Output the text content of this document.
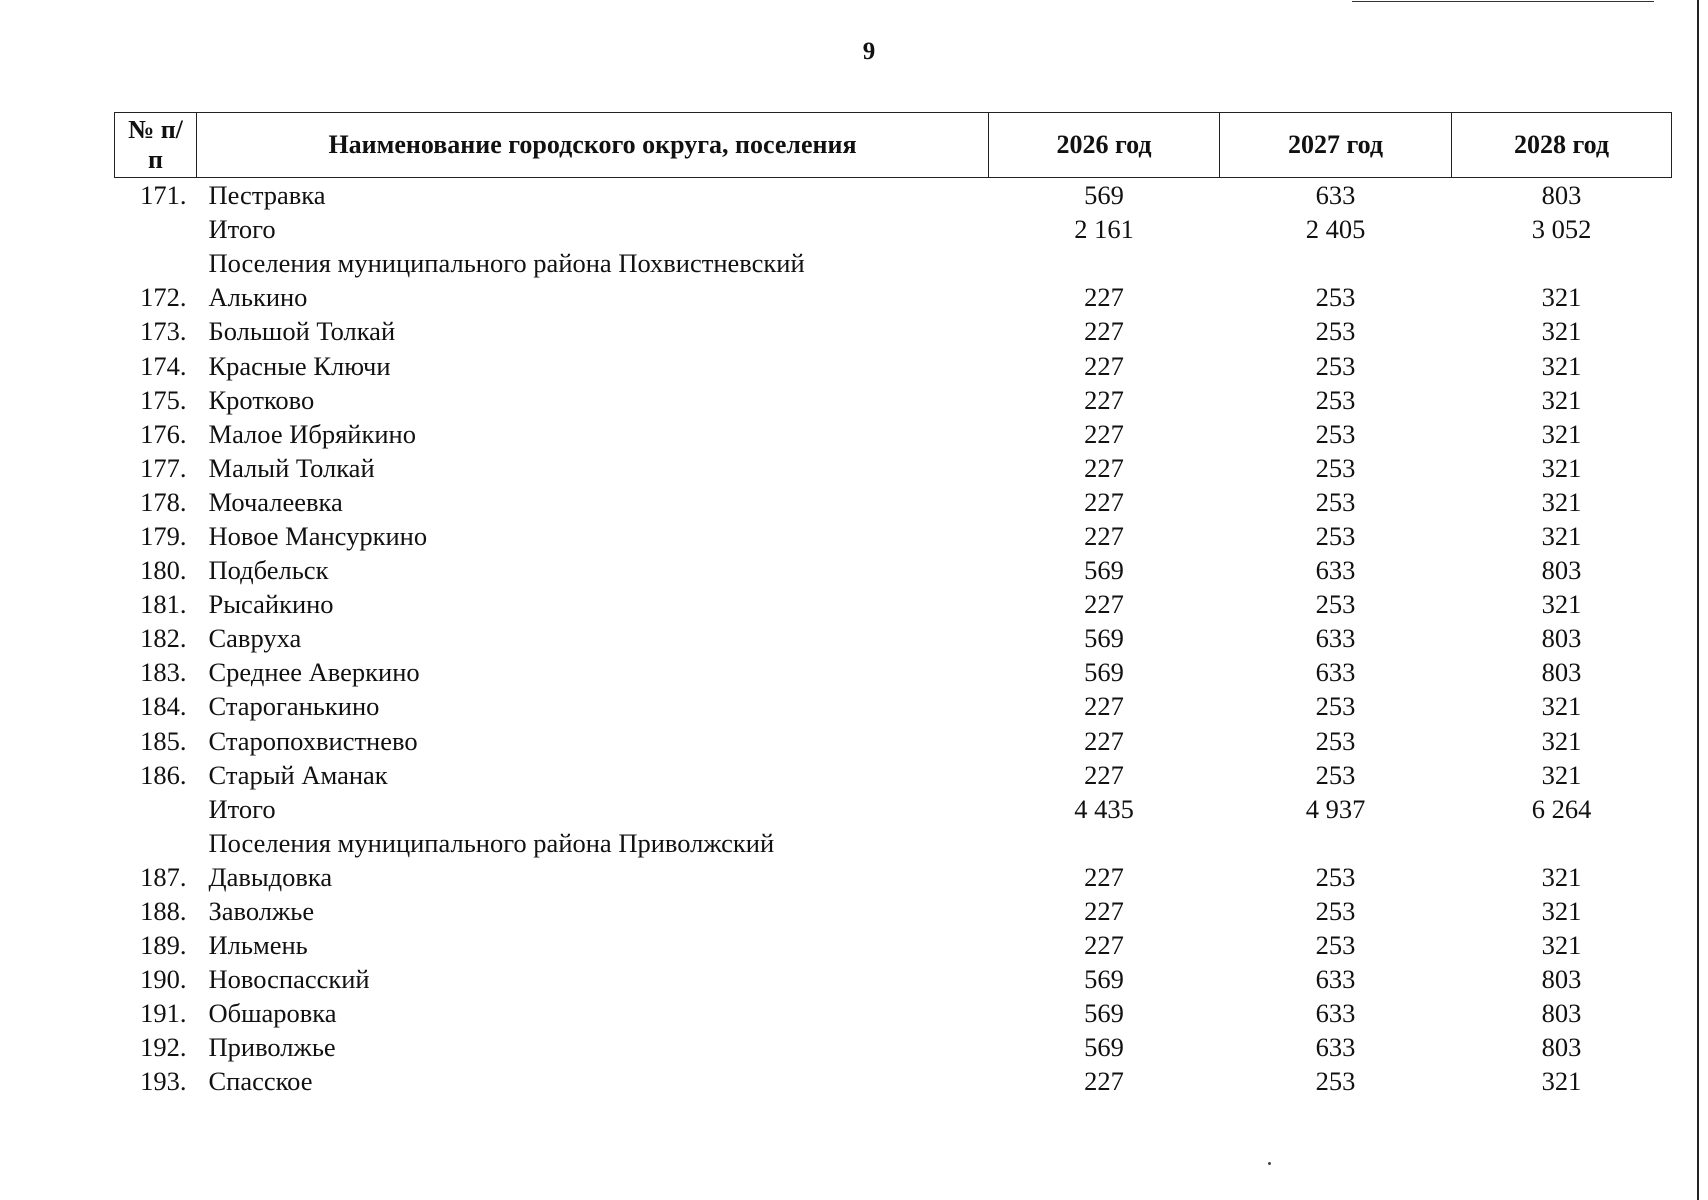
9
№ п/п	Наименование городского округа, поселения	2026 год	2027 год	2028 год
171.	Пестравка	569	633	803
	Итого	2 161	2 405	3 052
	Поселения муниципального района Похвистневский			
172.	Алькино	227	253	321
173.	Большой Толкай	227	253	321
174.	Красные Ключи	227	253	321
175.	Кротково	227	253	321
176.	Малое Ибряйкино	227	253	321
177.	Малый Толкай	227	253	321
178.	Мочалеевка	227	253	321
179.	Новое Мансуркино	227	253	321
180.	Подбельск	569	633	803
181.	Рысайкино	227	253	321
182.	Савруха	569	633	803
183.	Среднее Аверкино	569	633	803
184.	Староганькино	227	253	321
185.	Старопохвистнево	227	253	321
186.	Старый Аманак	227	253	321
	Итого	4 435	4 937	6 264
	Поселения муниципального района Приволжский			
187.	Давыдовка	227	253	321
188.	Заволжье	227	253	321
189.	Ильмень	227	253	321
190.	Новоспасский	569	633	803
191.	Обшаровка	569	633	803
192.	Приволжье	569	633	803
193.	Спасское	227	253	321
